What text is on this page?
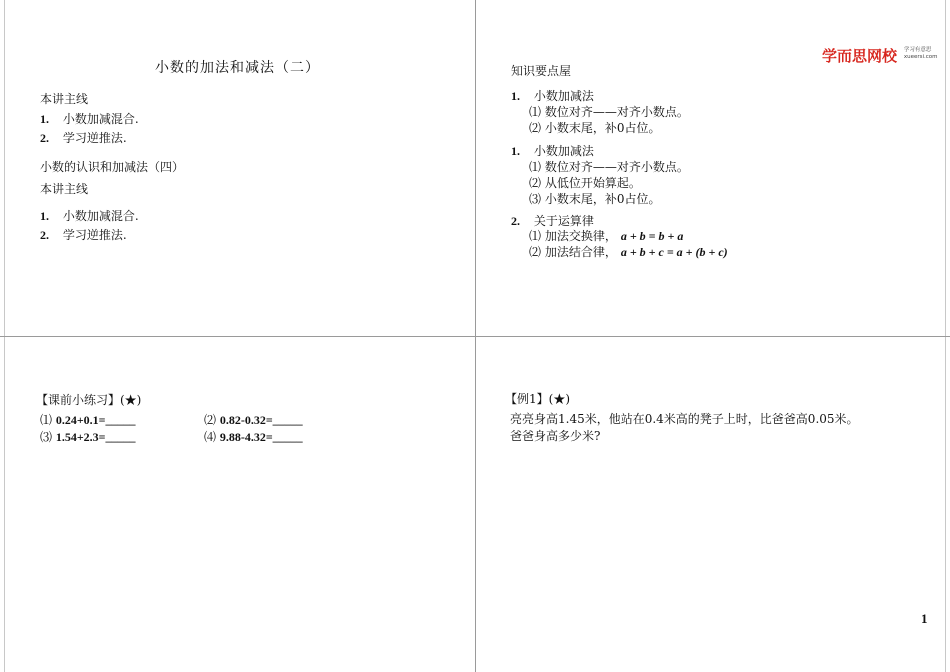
小数的加法和减法（二）
本讲主线
1. 小数加减混合.
2. 学习逆推法.
小数的认识和加减法（四）
本讲主线
1. 小数加减混合.
2. 学习逆推法.
学而思网校 学习有意思
xueersi.com
知识要点屋
1. 小数加减法
⑴ 数位对齐——对齐小数点。
⑵ 小数末尾，补0占位。
1. 小数加减法
⑴ 数位对齐——对齐小数点。
⑵ 从低位开始算起。
⑶ 小数末尾，补0占位。
2. 关于运算律
⑴ 加法交换律， a + b = b + a
⑵ 加法结合律， a + b + c = a + (b + c)
【课前小练习】(★)
⑴ 0.24+0.1=_____	⑵ 0.82-0.32=_____
⑶ 1.54+2.3=_____	⑷ 9.88-4.32=_____
【例1】(★)
亮亮身高1.45米，他站在0.4米高的凳子上时，比爸爸高0.05米。
爸爸身高多少米?
1
